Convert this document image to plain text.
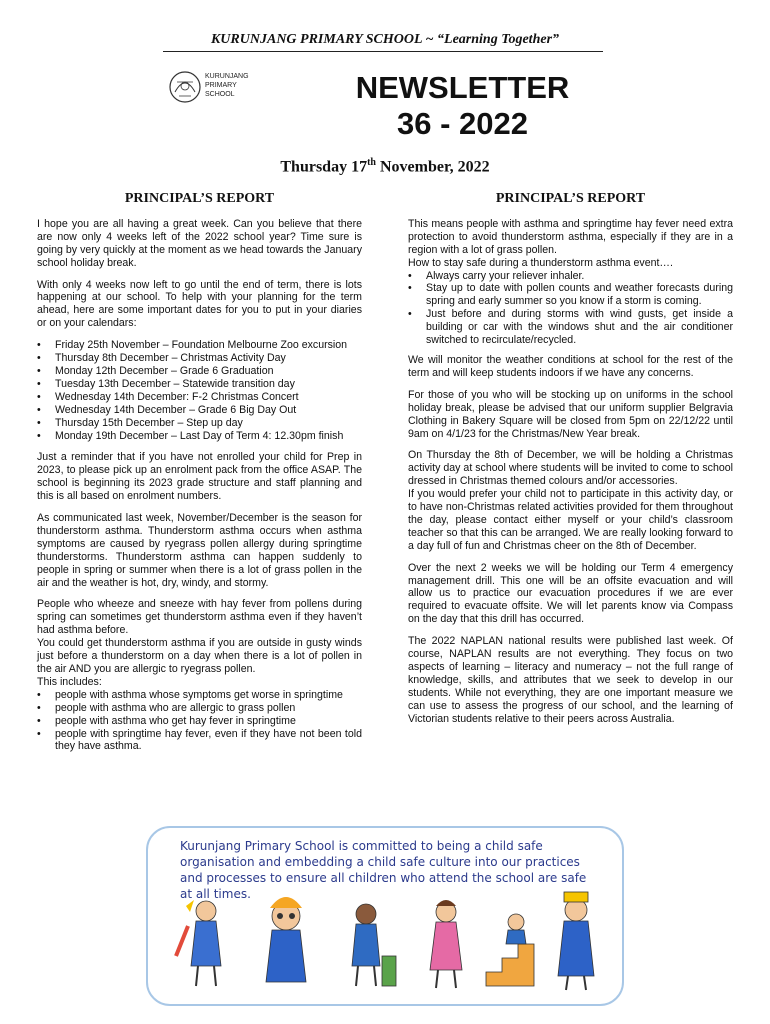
KURUNJANG PRIMARY SCHOOL ~ “Learning Together”
KURUNJANG
PRIMARY
SCHOOL	NEWSLETTER
36 - 2022
Thursday 17th November, 2022
PRINCIPAL’S REPORT

I hope you are all having a great week. Can you believe that there are now only 4 weeks left of the 2022 school year? Time sure is going by very quickly at the moment as we head towards the January school holiday break.

With only 4 weeks now left to go until the end of term, there is lots happening at our school. To help with your planning for the term ahead, here are some important dates for you to put in your diaries or on your calendars:

• Friday 25th November – Foundation Melbourne Zoo excursion
• Thursday 8th December – Christmas Activity Day
• Monday 12th December – Grade 6 Graduation
• Tuesday 13th December – Statewide transition day
• Wednesday 14th December: F-2 Christmas Concert
• Wednesday 14th December – Grade 6 Big Day Out
• Thursday 15th December – Step up day
• Monday 19th December – Last Day of Term 4: 12.30pm finish

Just a reminder that if you have not enrolled your child for Prep in 2023, to please pick up an enrolment pack from the office ASAP. The school is beginning its 2023 grade structure and staff planning and this is all based on enrolment numbers.

As communicated last week, November/December is the season for thunderstorm asthma. Thunderstorm asthma occurs when asthma symptoms are caused by ryegrass pollen allergy during springtime thunderstorms. Thunderstorm asthma can happen suddenly to people in spring or summer when there is a lot of grass pollen in the air and the weather is hot, dry, windy, and stormy.

People who wheeze and sneeze with hay fever from pollens during spring can sometimes get thunderstorm asthma even if they haven’t had asthma before.

You could get thunderstorm asthma if you are outside in gusty winds just before a thunderstorm on a day when there is a lot of pollen in the air AND you are allergic to ryegrass pollen.

This includes:

• people with asthma whose symptoms get worse in springtime
• people with asthma who are allergic to grass pollen
• people with asthma who get hay fever in springtime
• people with springtime hay fever, even if they have not been told they have asthma.
PRINCIPAL’S REPORT

This means people with asthma and springtime hay fever need extra protection to avoid thunderstorm asthma, especially if they are in a region with a lot of grass pollen.

How to stay safe during a thunderstorm asthma event….

• Always carry your reliever inhaler.
• Stay up to date with pollen counts and weather forecasts during spring and early summer so you know if a storm is coming.
• Just before and during storms with wind gusts, get inside a building or car with the windows shut and the air conditioner switched to recirculate/recycled.

We will monitor the weather conditions at school for the rest of the term and will keep students indoors if we have any concerns.

For those of you who will be stocking up on uniforms in the school holiday break, please be advised that our uniform supplier Belgravia Clothing in Bakery Square will be closed from 5pm on 22/12/22 until 9am on 4/1/23 for the Christmas/New Year break.

On Thursday the 8th of December, we will be holding a Christmas activity day at school where students will be invited to come to school dressed in Christmas themed colours and/or accessories.

If you would prefer your child not to participate in this activity day, or to have non-Christmas related activities provided for them throughout the day, please contact either myself or your child’s classroom teacher so that this can be arranged. We are really looking forward to a day full of fun and Christmas cheer on the 8th of December.

Over the next 2 weeks we will be holding our Term 4 emergency management drill. This one will be an offsite evacuation and will allow us to practice our evacuation procedures if we are ever required to evacuate offsite. We will let parents know via Compass on the day that this drill has occurred.

The 2022 NAPLAN national results were published last week. Of course, NAPLAN results are not everything. They focus on two aspects of learning – literacy and numeracy – not the full range of knowledge, skills, and attributes that we seek to develop in our students. While not everything, they are one important measure we can use to assess the progress of our school, and the learning of Victorian students relative to their peers across Australia.

Kurunjang Primary School is committed to being a child safe organisation and embedding a child safe culture into our practices and processes to ensure all children who attend the school are safe at all times.
